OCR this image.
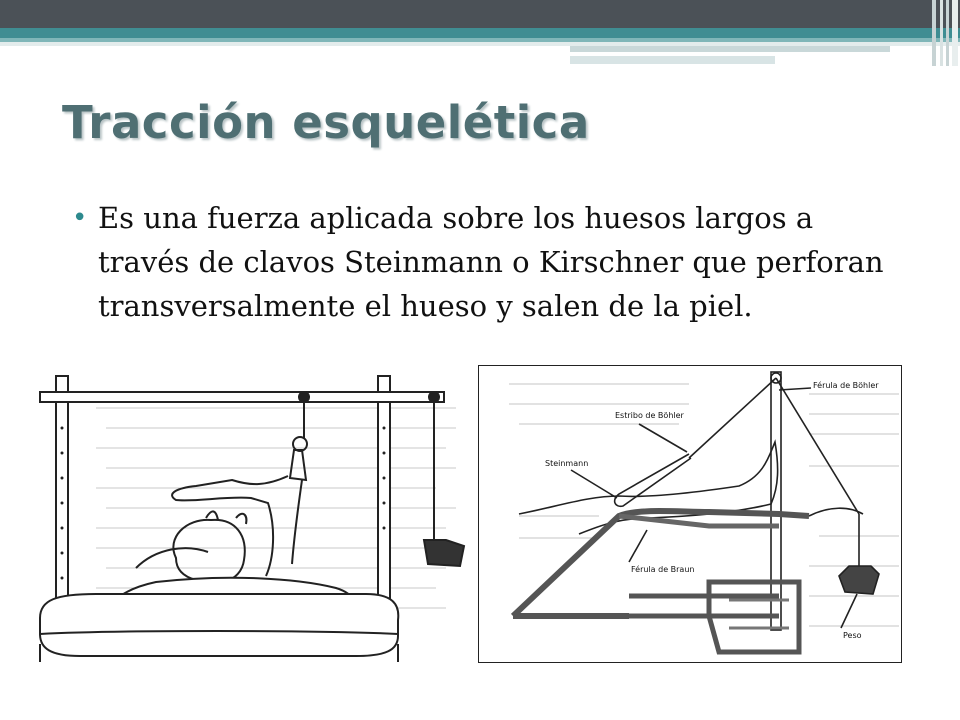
Tracción esquelética
• Es una fuerza aplicada sobre los huesos largos a través de clavos Steinmann o Kirschner que perforan transversalmente el hueso y salen de la piel.
Férula de Böhler
Estribo de Böhler
Steinmann
Férula de Braun
Peso
